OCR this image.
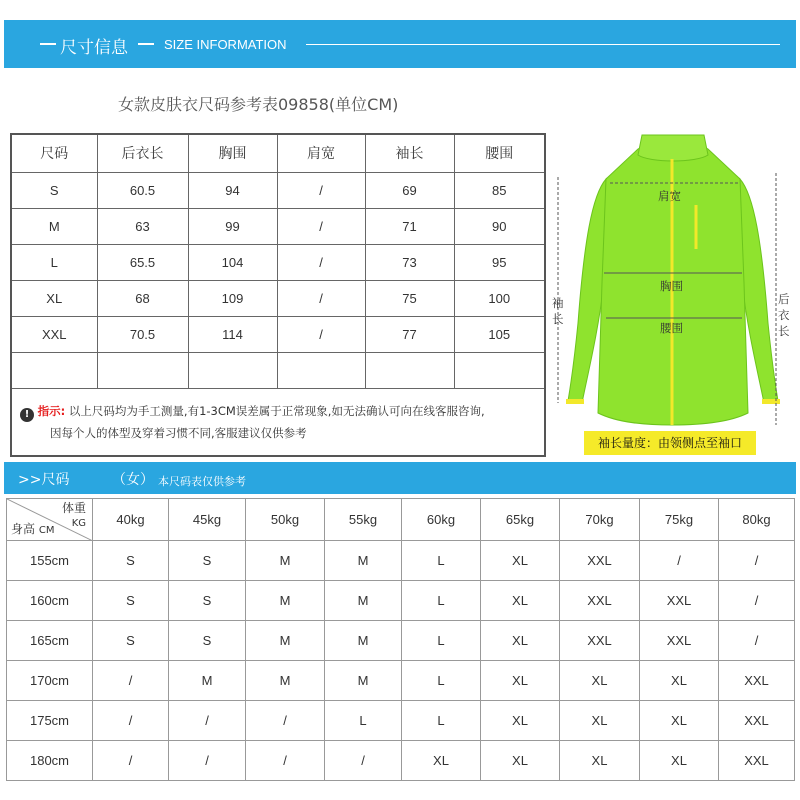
尺寸信息	SIZE INFORMATION
女款皮肤衣尺码参考表09858(单位CM)
尺码	后衣长	胸围	肩宽	袖长	腰围
S	60.5	94	/	69	85
M	63	99	/	71	90
L	65.5	104	/	73	95
XL	68	109	/	75	100
XXL	70.5	114	/	77	105

! 指示: 以上尺码均为手工测量,有1-3CM误差属于正常现象,如无法确认可向在线客服咨询,
因每个人的体型及穿着习惯不同,客服建议仅供参考					
肩宽
胸围
腰围
袖长
后衣长
袖长量度：由领侧点至袖口
>>尺码	（女） 本尺码表仅供参考
体重
KG
身高 CM	40kg	45kg	50kg	55kg	60kg	65kg	70kg	75kg	80kg
155cm	S	S	M	M	L	XL	XXL	/	/
160cm	S	S	M	M	L	XL	XXL	XXL	/
165cm	S	S	M	M	L	XL	XXL	XXL	/
170cm	/	M	M	M	L	XL	XL	XL	XXL
175cm	/	/	/	L	L	XL	XL	XL	XXL
180cm	/	/	/	/	XL	XL	XL	XL	XXL
